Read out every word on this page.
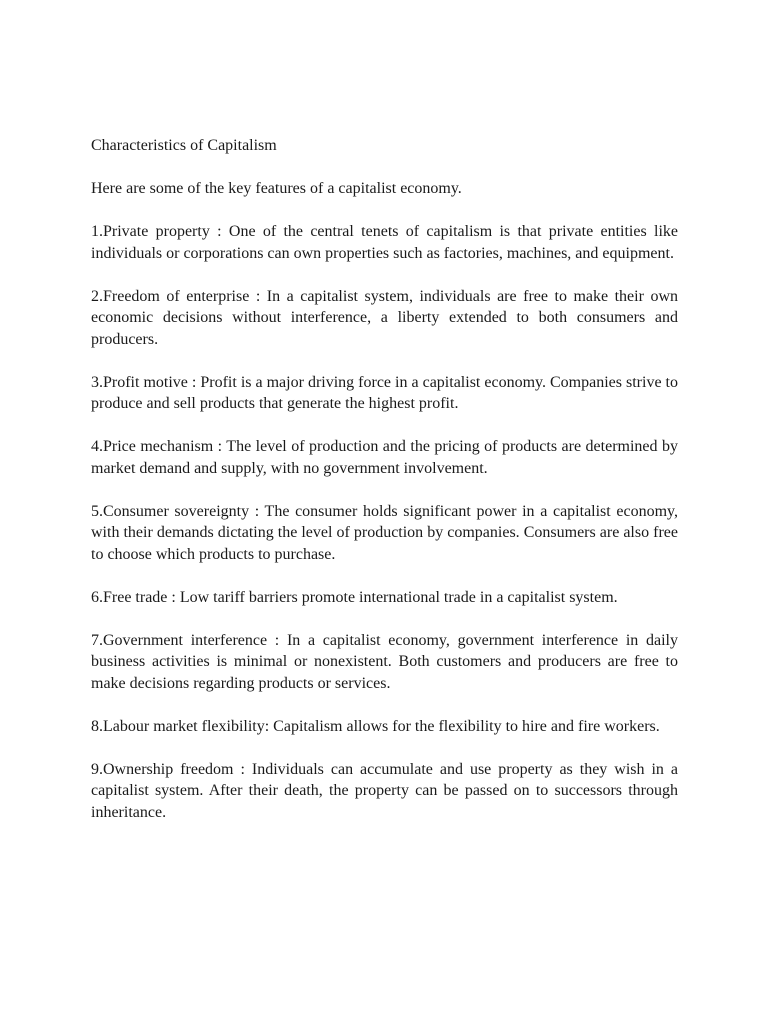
Characteristics of Capitalism

Here are some of the key features of a capitalist economy.

1.Private property : One of the central tenets of capitalism is that private entities like individuals or corporations can own properties such as factories, machines, and equipment.

2.Freedom of enterprise : In a capitalist system, individuals are free to make their own economic decisions without interference, a liberty extended to both consumers and producers.

3.Profit motive : Profit is a major driving force in a capitalist economy. Companies strive to produce and sell products that generate the highest profit.

4.Price mechanism : The level of production and the pricing of products are determined by market demand and supply, with no government involvement.

5.Consumer sovereignty : The consumer holds significant power in a capitalist economy, with their demands dictating the level of production by companies. Consumers are also free to choose which products to purchase.

6.Free trade : Low tariff barriers promote international trade in a capitalist system.

7.Government interference : In a capitalist economy, government interference in daily business activities is minimal or nonexistent. Both customers and producers are free to make decisions regarding products or services.

8.Labour market flexibility: Capitalism allows for the flexibility to hire and fire workers.

9.Ownership freedom : Individuals can accumulate and use property as they wish in a capitalist system. After their death, the property can be passed on to successors through inheritance.
